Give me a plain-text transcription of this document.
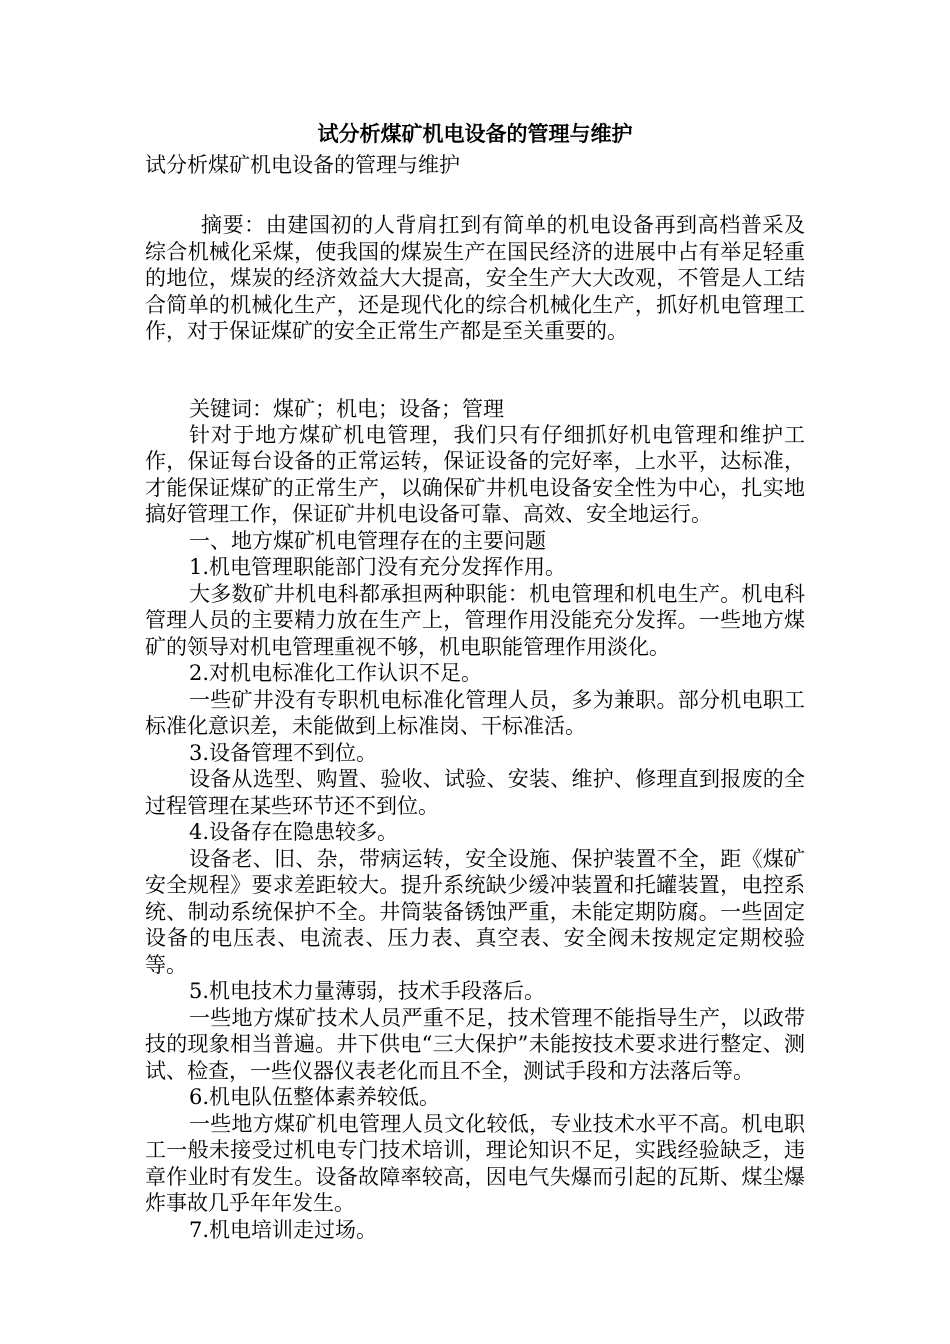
试分析煤矿机电设备的管理与维护

试分析煤矿机电设备的管理与维护

摘要：由建国初的人背肩扛到有简单的机电设备再到高档普采及综合机械化采煤，使我国的煤炭生产在国民经济的进展中占有举足轻重的地位，煤炭的经济效益大大提高，安全生产大大改观，不管是人工结合简单的机械化生产，还是现代化的综合机械化生产，抓好机电管理工作，对于保证煤矿的安全正常生产都是至关重要的。

关键词：煤矿；机电；设备；管理

针对于地方煤矿机电管理，我们只有仔细抓好机电管理和维护工作，保证每台设备的正常运转，保证设备的完好率，上水平，达标准，才能保证煤矿的正常生产，以确保矿井机电设备安全性为中心，扎实地搞好管理工作，保证矿井机电设备可靠、高效、安全地运行。

一、地方煤矿机电管理存在的主要问题

1.机电管理职能部门没有充分发挥作用。

大多数矿井机电科都承担两种职能：机电管理和机电生产。机电科管理人员的主要精力放在生产上，管理作用没能充分发挥。一些地方煤矿的领导对机电管理重视不够，机电职能管理作用淡化。

2.对机电标准化工作认识不足。

一些矿井没有专职机电标准化管理人员，多为兼职。部分机电职工标准化意识差，未能做到上标准岗、干标准活。

3.设备管理不到位。

设备从选型、购置、验收、试验、安装、维护、修理直到报废的全过程管理在某些环节还不到位。

4.设备存在隐患较多。

设备老、旧、杂，带病运转，安全设施、保护装置不全，距《煤矿安全规程》要求差距较大。提升系统缺少缓冲装置和托罐装置，电控系统、制动系统保护不全。井筒装备锈蚀严重，未能定期防腐。一些固定设备的电压表、电流表、压力表、真空表、安全阀未按规定定期校验等。

5.机电技术力量薄弱，技术手段落后。

一些地方煤矿技术人员严重不足，技术管理不能指导生产，以政带技的现象相当普遍。井下供电“三大保护”未能按技术要求进行整定、测试、检查，一些仪器仪表老化而且不全，测试手段和方法落后等。

6.机电队伍整体素养较低。

一些地方煤矿机电管理人员文化较低，专业技术水平不高。机电职工一般未接受过机电专门技术培训，理论知识不足，实践经验缺乏，违章作业时有发生。设备故障率较高，因电气失爆而引起的瓦斯、煤尘爆炸事故几乎年年发生。

7.机电培训走过场。
